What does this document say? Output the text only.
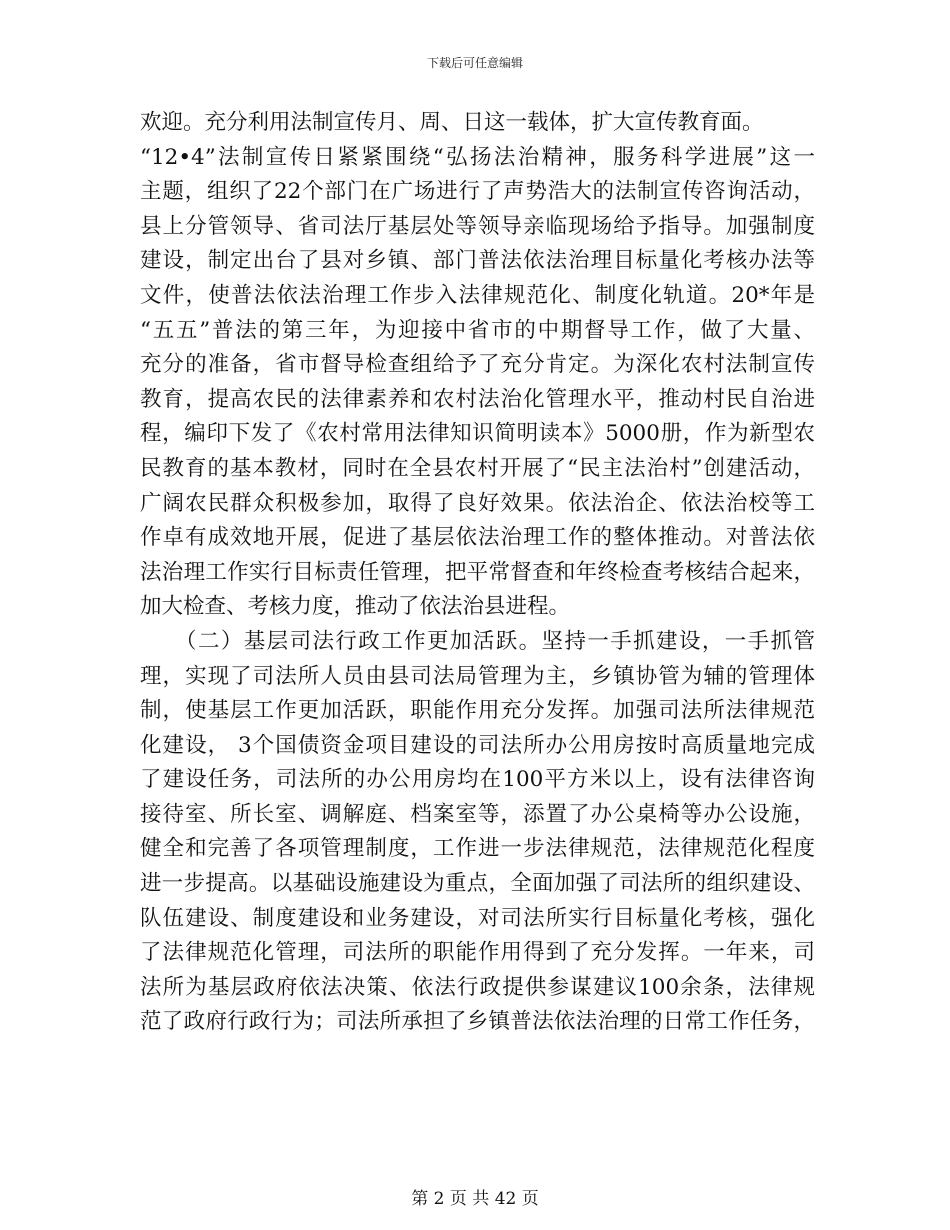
下载后可任意编辑
欢迎。充分利用法制宣传月、周、日这一载体，扩大宣传教育面。
“12•4”法制宣传日紧紧围绕“弘扬法治精神，服务科学进展”这一
主题，组织了22个部门在广场进行了声势浩大的法制宣传咨询活动，
县上分管领导、省司法厅基层处等领导亲临现场给予指导。加强制度
建设，制定出台了县对乡镇、部门普法依法治理目标量化考核办法等
文件，使普法依法治理工作步入法律规范化、制度化轨道。20*年是
“五五”普法的第三年，为迎接中省市的中期督导工作，做了大量、
充分的准备，省市督导检查组给予了充分肯定。为深化农村法制宣传
教育，提高农民的法律素养和农村法治化管理水平，推动村民自治进
程，编印下发了《农村常用法律知识简明读本》5000册，作为新型农
民教育的基本教材，同时在全县农村开展了“民主法治村”创建活动，
广阔农民群众积极参加，取得了良好效果。依法治企、依法治校等工
作卓有成效地开展，促进了基层依法治理工作的整体推动。对普法依
法治理工作实行目标责任管理，把平常督查和年终检查考核结合起来，
加大检查、考核力度，推动了依法治县进程。
　　（二）基层司法行政工作更加活跃。坚持一手抓建设，一手抓管
理，实现了司法所人员由县司法局管理为主，乡镇协管为辅的管理体
制，使基层工作更加活跃，职能作用充分发挥。加强司法所法律规范
化建设， 3个国债资金项目建设的司法所办公用房按时高质量地完成
了建设任务，司法所的办公用房均在100平方米以上，设有法律咨询
接待室、所长室、调解庭、档案室等，添置了办公桌椅等办公设施，
健全和完善了各项管理制度，工作进一步法律规范，法律规范化程度
进一步提高。以基础设施建设为重点，全面加强了司法所的组织建设、
队伍建设、制度建设和业务建设，对司法所实行目标量化考核，强化
了法律规范化管理，司法所的职能作用得到了充分发挥。一年来，司
法所为基层政府依法决策、依法行政提供参谋建议100余条，法律规
范了政府行政行为；司法所承担了乡镇普法依法治理的日常工作任务，
第 2 页 共 42 页
